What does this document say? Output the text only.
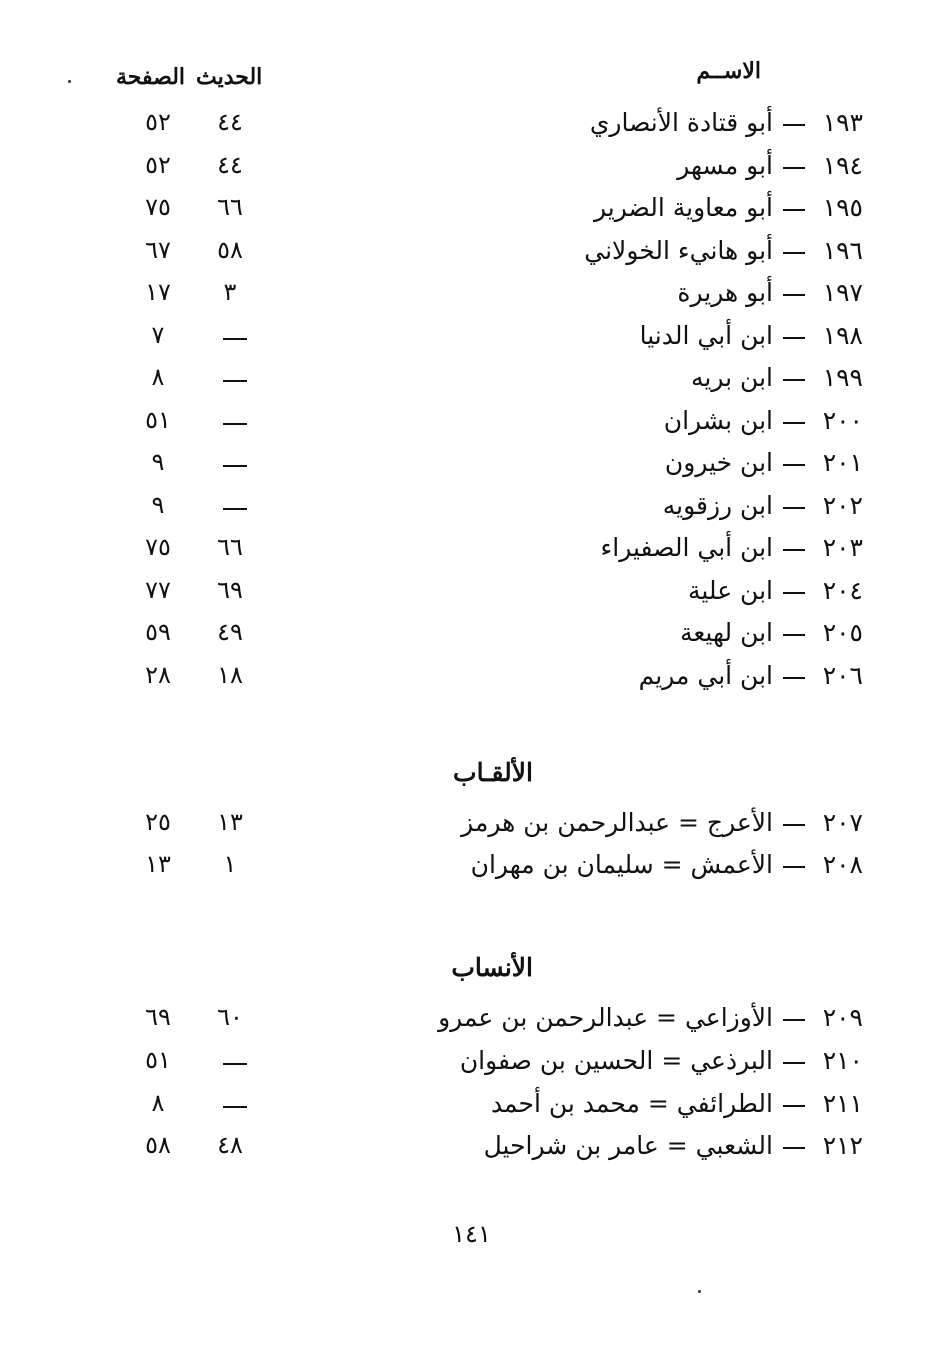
الاســم
الحديث
الصفحة
١٩٣
أبو قتادة الأنصاري
٤٤
٥٢
١٩٤
أبو مسهر
٤٤
٥٢
١٩٥
أبو معاوية الضرير
٦٦
٧٥
١٩٦
أبو هانيء الخولاني
٥٨
٦٧
١٩٧
أبو هريرة
٣
١٧
١٩٨
ابن أبي الدنيا
٧
١٩٩
ابن بريه
٨
٢٠٠
ابن بشران
٥١
٢٠١
ابن خيرون
٩
٢٠٢
ابن رزقويه
٩
٢٠٣
ابن أبي الصفيراء
٦٦
٧٥
٢٠٤
ابن علية
٦٩
٧٧
٢٠٥
ابن لهيعة
٤٩
٥٩
٢٠٦
ابن أبي مريم
١٨
٢٨
الألقـاب
٢٠٧
الأعرج = عبدالرحمن بن هرمز
١٣
٢٥
٢٠٨
الأعمش = سليمان بن مهران
١
١٣
الأنساب
٢٠٩
الأوزاعي = عبدالرحمن بن عمرو
٦٠
٦٩
٢١٠
البرذعي = الحسين بن صفوان
٥١
٢١١
الطرائفي = محمد بن أحمد
٨
٢١٢
الشعبي = عامر بن شراحيل
٤٨
٥٨
١٤١
